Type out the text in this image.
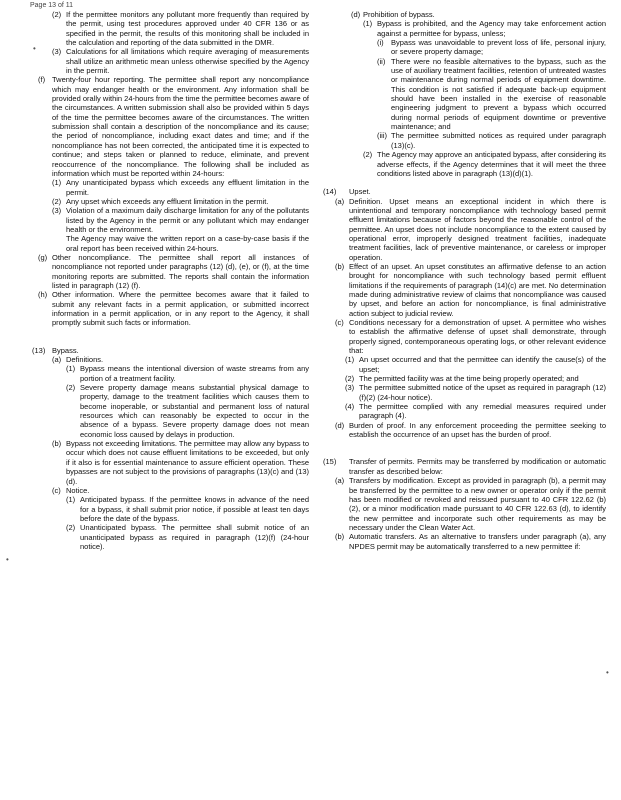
Page 13 of 11
•
•
•
(2) If the permittee monitors any pollutant more frequently than required by the permit, using test procedures approved under 40 CFR 136 or as specified in the permit, the results of this monitoring shall be included in the calculation and reporting of the data submitted in the DMR.
(3) Calculations for all limitations which require averaging of measurements shall utilize an arithmetic mean unless otherwise specified by the Agency in the permit.
(f) Twenty-four hour reporting. The permittee shall report any noncompliance which may endanger health or the environment. Any information shall be provided orally within 24-hours from the time the permittee becomes aware of the circumstances. A written submission shall also be provided within 5 days of the time the permittee becomes aware of the circumstances. The written submission shall contain a description of the noncompliance and its cause; the period of noncompliance, including exact dates and time; and if the noncompliance has not been corrected, the anticipated time it is expected to continue; and steps taken or planned to reduce, eliminate, and prevent reoccurrence of the noncompliance. The following shall be included as information which must be reported within 24-hours:
(1) Any unanticipated bypass which exceeds any effluent limitation in the permit.
(2) Any upset which exceeds any effluent limitation in the permit.
(3) Violation of a maximum daily discharge limitation for any of the pollutants listed by the Agency in the permit or any pollutant which may endanger health or the environment.
The Agency may waive the written report on a case-by-case basis if the oral report has been received within 24-hours.
(g) Other noncompliance. The permittee shall report all instances of noncompliance not reported under paragraphs (12) (d), (e), or (f), at the time monitoring reports are submitted. The reports shall contain the information listed in paragraph (12) (f).
(h) Other information. Where the permittee becomes aware that it failed to submit any relevant facts in a permit application, or submitted incorrect information in a permit application, or in any report to the Agency, it shall promptly submit such facts or information.
(13) Bypass.
(a) Definitions.
(1) Bypass means the intentional diversion of waste streams from any portion of a treatment facility.
(2) Severe property damage means substantial physical damage to property, damage to the treatment facilities which causes them to become inoperable, or substantial and permanent loss of natural resources which can reasonably be expected to occur in the absence of a bypass. Severe property damage does not mean economic loss caused by delays in production.
(b) Bypass not exceeding limitations. The permittee may allow any bypass to occur which does not cause effluent limitations to be exceeded, but only if it also is for essential maintenance to assure efficient operation. These bypasses are not subject to the provisions of paragraphs (13)(c) and (13)(d).
(c) Notice.
(1) Anticipated bypass. If the permittee knows in advance of the need for a bypass, it shall submit prior notice, if possible at least ten days before the date of the bypass.
(2) Unanticipated bypass. The permittee shall submit notice of an unanticipated bypass as required in paragraph (12)(f) (24-hour notice).
(d) Prohibition of bypass.
(1) Bypass is prohibited, and the Agency may take enforcement action against a permittee for bypass, unless;
(i) Bypass was unavoidable to prevent loss of life, personal injury, or severe property damage;
(ii) There were no feasible alternatives to the bypass, such as the use of auxiliary treatment facilities, retention of untreated wastes or maintenance during normal periods of equipment downtime. This condition is not satisfied if adequate back-up equipment should have been installed in the exercise of reasonable engineering judgment to prevent a bypass which occurred during normal periods of equipment downtime or preventive maintenance; and
(iii) The permittee submitted notices as required under paragraph (13)(c).
(2) The Agency may approve an anticipated bypass, after considering its adverse effects, if the Agency determines that it will meet the three conditions listed above in paragraph (13)(d)(1).
(14) Upset.
(a) Definition. Upset means an exceptional incident in which there is unintentional and temporary noncompliance with technology based permit effluent limitations because of factors beyond the reasonable control of the permittee. An upset does not include noncompliance to the extent caused by operational error, improperly designed treatment facilities, inadequate treatment facilities, lack of preventive maintenance, or careless or improper operation.
(b) Effect of an upset. An upset constitutes an affirmative defense to an action brought for noncompliance with such technology based permit effluent limitations if the requirements of paragraph (14)(c) are met. No determination made during administrative review of claims that noncompliance was caused by upset, and before an action for noncompliance, is final administrative action subject to judicial review.
(c) Conditions necessary for a demonstration of upset. A permittee who wishes to establish the affirmative defense of upset shall demonstrate, through properly signed, contemporaneous operating logs, or other relevant evidence that:
(1) An upset occurred and that the permittee can identify the cause(s) of the upset;
(2) The permitted facility was at the time being properly operated; and
(3) The permittee submitted notice of the upset as required in paragraph (12)(f)(2) (24-hour notice).
(4) The permittee complied with any remedial measures required under paragraph (4).
(d) Burden of proof. In any enforcement proceeding the permittee seeking to establish the occurrence of an upset has the burden of proof.
(15) Transfer of permits. Permits may be transferred by modification or automatic transfer as described below:
(a) Transfers by modification. Except as provided in paragraph (b), a permit may be transferred by the permittee to a new owner or operator only if the permit has been modified or revoked and reissued pursuant to 40 CFR 122.62 (b) (2), or a minor modification made pursuant to 40 CFR 122.63 (d), to identify the new permittee and incorporate such other requirements as may be necessary under the Clean Water Act.
(b) Automatic transfers. As an alternative to transfers under paragraph (a), any NPDES permit may be automatically transferred to a new permittee if:
